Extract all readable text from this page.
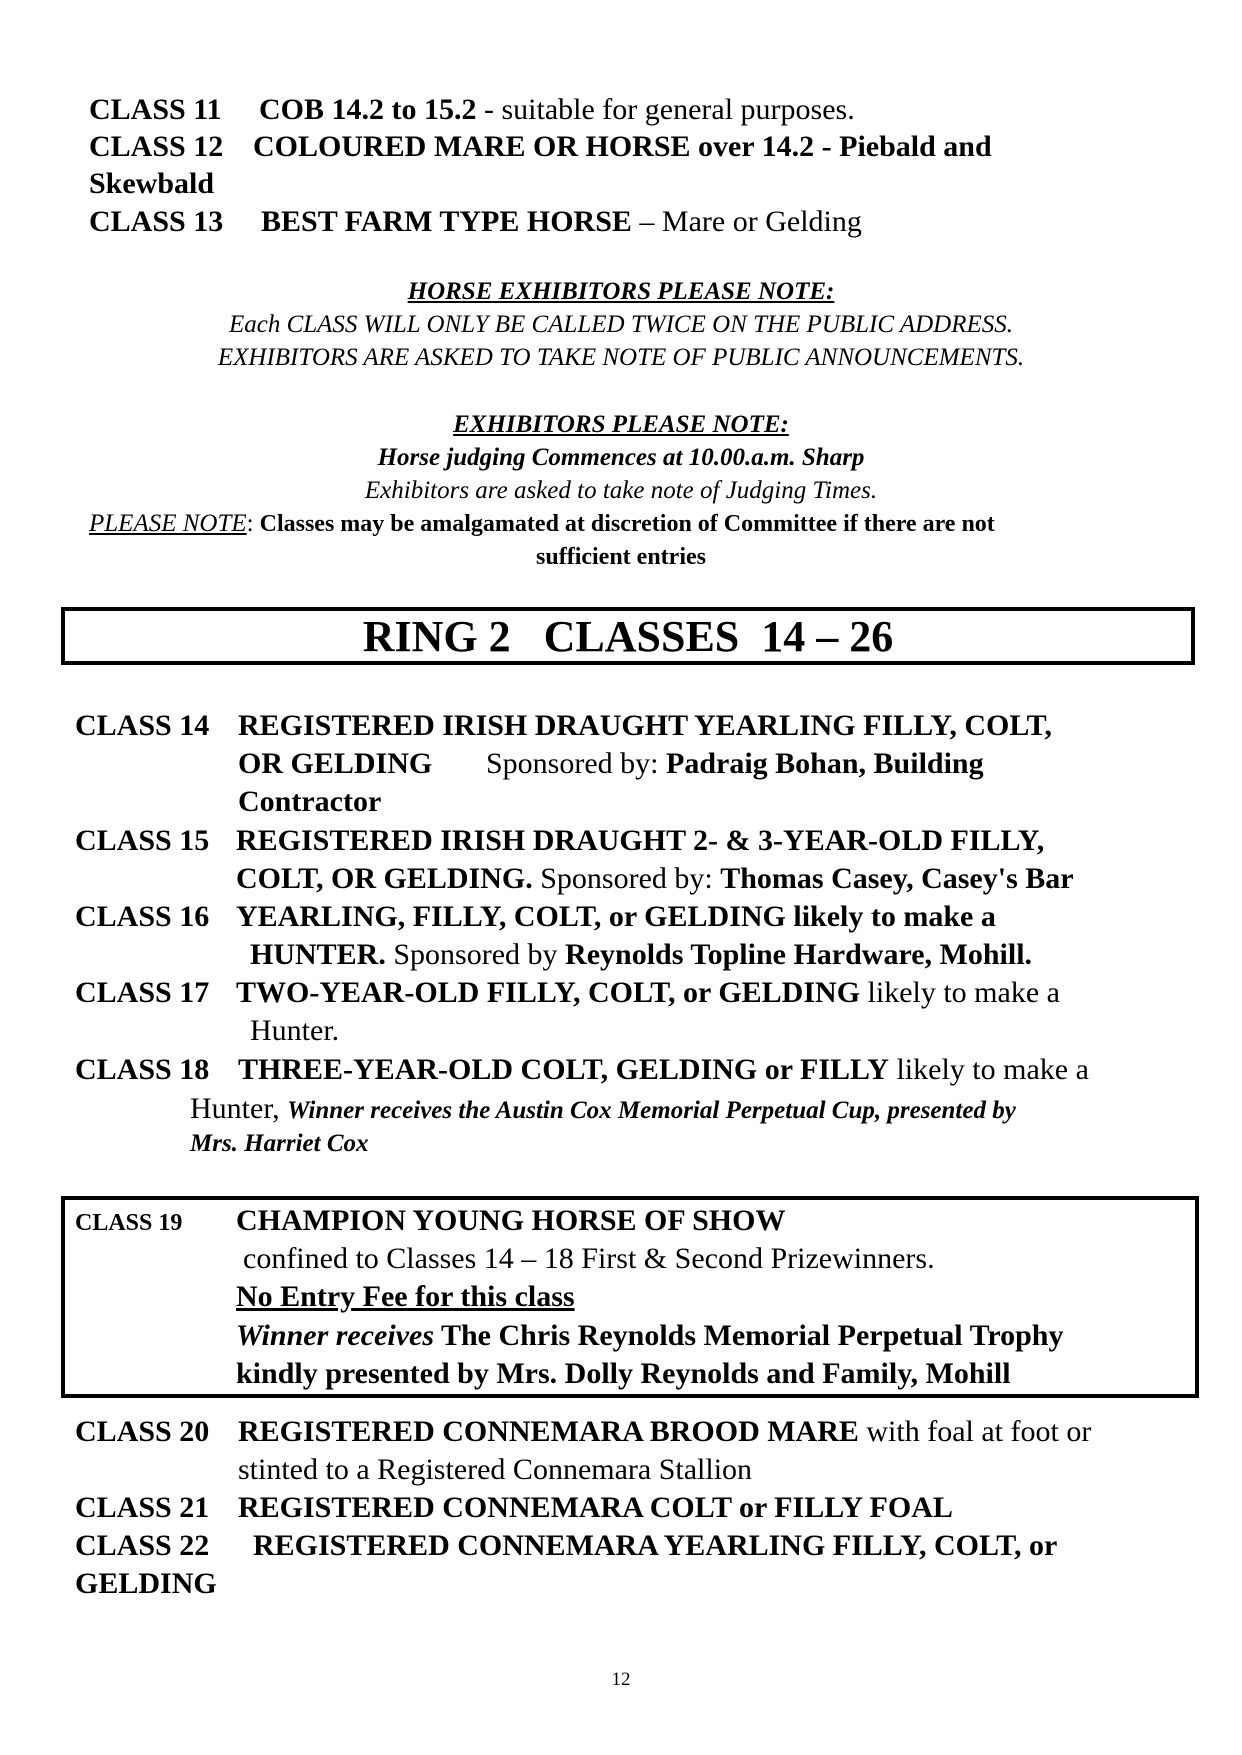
CLASS 11 COB 14.2 to 15.2 - suitable for general purposes.
CLASS 12 COLOURED MARE OR HORSE over 14.2 - Piebald and
Skewbald
CLASS 13 BEST FARM TYPE HORSE – Mare or Gelding
HORSE EXHIBITORS PLEASE NOTE:
Each CLASS WILL ONLY BE CALLED TWICE ON THE PUBLIC ADDRESS.
EXHIBITORS ARE ASKED TO TAKE NOTE OF PUBLIC ANNOUNCEMENTS.
EXHIBITORS PLEASE NOTE:
Horse judging Commences at 10.00.a.m. Sharp
Exhibitors are asked to take note of Judging Times.
PLEASE NOTE: Classes may be amalgamated at discretion of Committee if there are not
sufficient entries
RING 2   CLASSES  14 – 26
CLASS 14 REGISTERED IRISH DRAUGHT YEARLING FILLY, COLT,
OR GELDING Sponsored by: Padraig Bohan, Building
Contractor
CLASS 15 REGISTERED IRISH DRAUGHT 2- & 3-YEAR-OLD FILLY,
COLT, OR GELDING. Sponsored by: Thomas Casey, Casey's Bar
CLASS 16 YEARLING, FILLY, COLT, or GELDING likely to make a
HUNTER. Sponsored by Reynolds Topline Hardware, Mohill.
CLASS 17 TWO-YEAR-OLD FILLY, COLT, or GELDING likely to make a
Hunter.
CLASS 18 THREE-YEAR-OLD COLT, GELDING or FILLY likely to make a
Hunter, Winner receives the Austin Cox Memorial Perpetual Cup, presented by
Mrs. Harriet Cox
CLASS 19 CHAMPION YOUNG HORSE OF SHOW
confined to Classes 14 – 18 First & Second Prizewinners.
No Entry Fee for this class
Winner receives The Chris Reynolds Memorial Perpetual Trophy
kindly presented by Mrs. Dolly Reynolds and Family, Mohill
CLASS 20 REGISTERED CONNEMARA BROOD MARE with foal at foot or
stinted to a Registered Connemara Stallion
CLASS 21 REGISTERED CONNEMARA COLT or FILLY FOAL
CLASS 22 REGISTERED CONNEMARA YEARLING FILLY, COLT, or
GELDING
12
